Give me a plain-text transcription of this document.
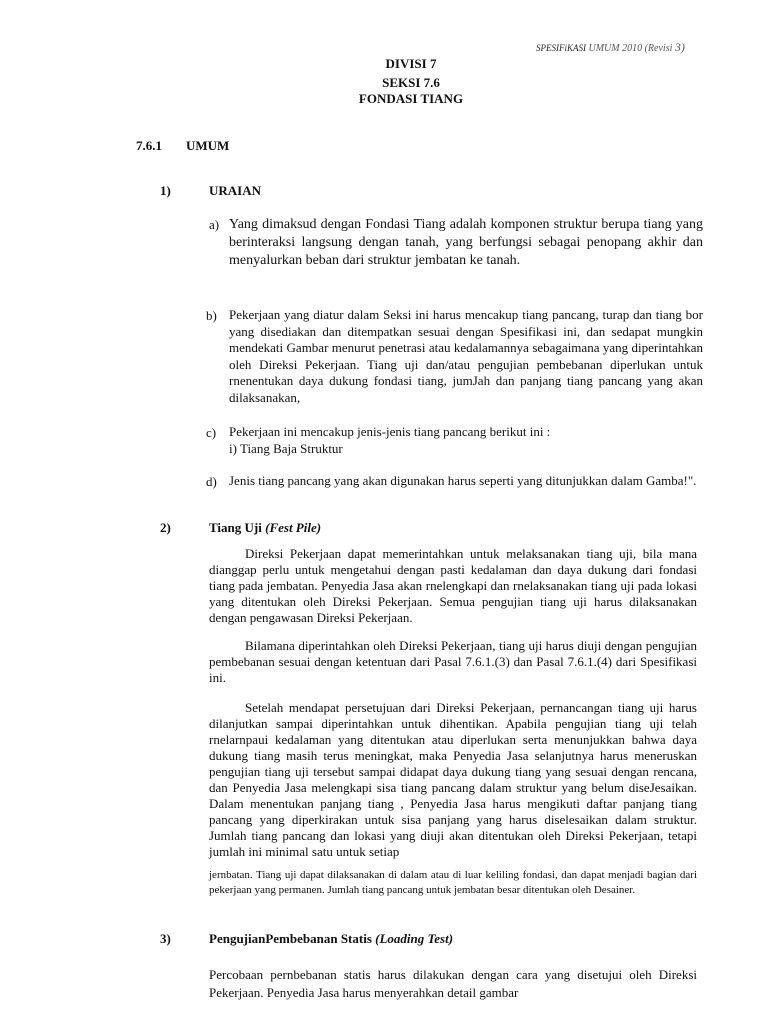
SPESIFiKASI UMUM 2010 (Revisi 3)
DIVISI 7
SEKSI 7.6
FONDASI TIANG
7.6.1 UMUM
1)	URAIAN
a) Yang dimaksud dengan Fondasi Tiang adalah komponen struktur berupa tiang yang berinteraksi langsung dengan tanah, yang berfungsi sebagai penopang akhir dan menyalurkan beban dari struktur jembatan ke tanah.
b) Pekerjaan yang diatur dalam Seksi ini harus mencakup tiang pancang, turap dan tiang bor yang disediakan dan ditempatkan sesuai dengan Spesifikasi ini, dan sedapat mungkin mendekati Gambar menurut penetrasi atau kedalamannya sebagaimana yang diperintahkan oleh Direksi Pekerjaan. Tiang uji dan/atau pengujian pembebanan diperlukan untuk rnenentukan daya dukung fondasi tiang, jumJah dan panjang tiang pancang yang akan dilaksanakan,
c) Pekerjaan ini mencakup jenis-jenis tiang pancang berikut ini :
i) Tiang Baja Struktur
d) Jenis tiang pancang yang akan digunakan harus seperti yang ditunjukkan dalam Gamba!".
2)	Tiang Uji (Fest Pile)
Direksi Pekerjaan dapat memerintahkan untuk melaksanakan tiang uji, bila mana dianggap perlu untuk mengetahui dengan pasti kedalaman dan daya dukung dari fondasi tiang pada jembatan. Penyedia Jasa akan rnelengkapi dan rnelaksanakan tiang uji pada lokasi yang ditentukan oleh Direksi Pekerjaan. Semua pengujian tiang uji harus dilaksanakan dengan pengawasan Direksi Pekerjaan.
Bilamana diperintahkan oleh Direksi Pekerjaan, tiang uji harus diuji dengan pengujian pembebanan sesuai dengan ketentuan dari Pasal 7.6.1.(3) dan Pasal 7.6.1.(4) dari Spesifikasi ini.
Setelah mendapat persetujuan dari Direksi Pekerjaan, pernancangan tiang uji harus dilanjutkan sampai diperintahkan untuk dihentikan. Apabila pengujian tiang uji telah rnelarnpaui kedalaman yang ditentukan atau diperlukan serta menunjukkan bahwa daya dukung tiang masih terus meningkat, maka Penyedia Jasa selanjutnya harus meneruskan pengujian tiang uji tersebut sampai didapat daya dukung tiang yang sesuai dengan rencana, dan Penyedia Jasa melengkapi sisa tiang pancang dalam struktur yang belum diseJesaikan. Dalam menentukan panjang tiang , Penyedia Jasa harus mengikuti daftar panjang tiang pancang yang diperkirakan untuk sisa panjang yang harus diselesaikan dalam struktur. Jumlah tiang pancang dan lokasi yang diuji akan ditentukan oleh Direksi Pekerjaan, tetapi jumlah ini minimal satu untuk setiap
jernbatan. Tiang uji dapat dilaksanakan di dalam atau di luar keliling fondasi, dan dapat menjadi bagian dari pekerjaan yang permanen. Jumlah tiang pancang untuk jembatan besar ditentukan oleh Desainer.
3)	PengujianPembebanan Statis (Loading Test)
Percobaan pernbebanan statis harus dilakukan dengan cara yang disetujui oleh Direksi Pekerjaan. Penyedia Jasa harus menyerahkan detail gambar
